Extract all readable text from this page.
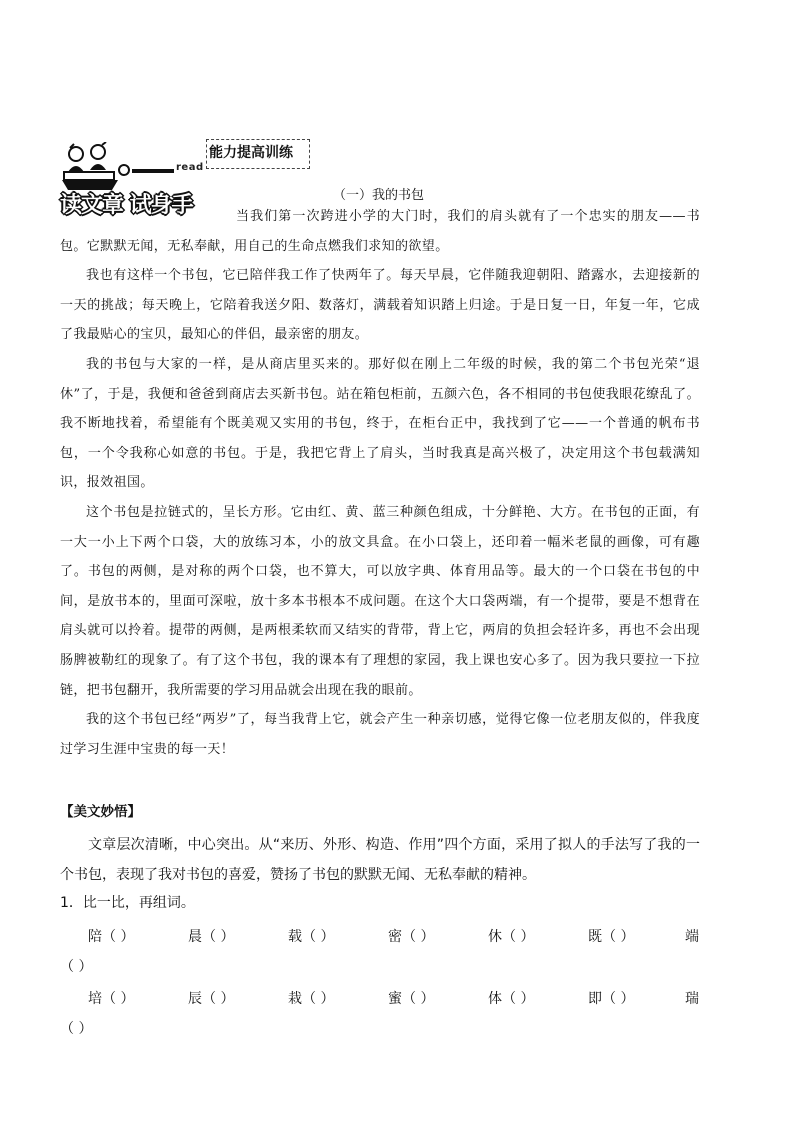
read
读文章 试身手
能力提高训练
（一）我的书包

当我们第一次跨进小学的大门时，我们的肩头就有了一个忠实的朋友——书包。它默默无闻，无私奉献，用自己的生命点燃我们求知的欲望。

我也有这样一个书包，它已陪伴我工作了快两年了。每天早晨，它伴随我迎朝阳、踏露水，去迎接新的一天的挑战；每天晚上，它陪着我送夕阳、数落灯，满载着知识踏上归途。于是日复一日，年复一年，它成了我最贴心的宝贝，最知心的伴侣，最亲密的朋友。

我的书包与大家的一样，是从商店里买来的。那好似在刚上二年级的时候，我的第二个书包光荣“退休”了，于是，我便和爸爸到商店去买新书包。站在箱包柜前，五颜六色，各不相同的书包使我眼花缭乱了。我不断地找着，希望能有个既美观又实用的书包，终于，在柜台正中，我找到了它——一个普通的帆布书包，一个令我称心如意的书包。于是，我把它背上了肩头，当时我真是高兴极了，决定用这个书包载满知识，报效祖国。

这个书包是拉链式的，呈长方形。它由红、黄、蓝三种颜色组成，十分鲜艳、大方。在书包的正面，有一大一小上下两个口袋，大的放练习本，小的放文具盒。在小口袋上，还印着一幅米老鼠的画像，可有趣了。书包的两侧，是对称的两个口袋，也不算大，可以放字典、体育用品等。最大的一个口袋在书包的中间，是放书本的，里面可深啦，放十多本书根本不成问题。在这个大口袋两端，有一个提带，要是不想背在肩头就可以拎着。提带的两侧，是两根柔软而又结实的背带，背上它，两肩的负担会轻许多，再也不会出现肠脾被勒红的现象了。有了这个书包，我的课本有了理想的家园，我上课也安心多了。因为我只要拉一下拉链，把书包翻开，我所需要的学习用品就会出现在我的眼前。

我的这个书包已经“两岁”了，每当我背上它，就会产生一种亲切感，觉得它像一位老朋友似的，伴我度过学习生涯中宝贵的每一天！

【美文妙悟】

文章层次清晰，中心突出。从“来历、外形、构造、作用”四个方面，采用了拟人的手法写了我的一个书包，表现了我对书包的喜爱，赞扬了书包的默默无闻、无私奉献的精神。

1．比一比，再组词。
陪（ ）	晨（ ）	载（ ）	密（ ）	休（ ）	既（ ）	端
（ ）
培（ ）	辰（ ）	栽（ ）	蜜（ ）	体（ ）	即（ ）	瑞
（ ）
